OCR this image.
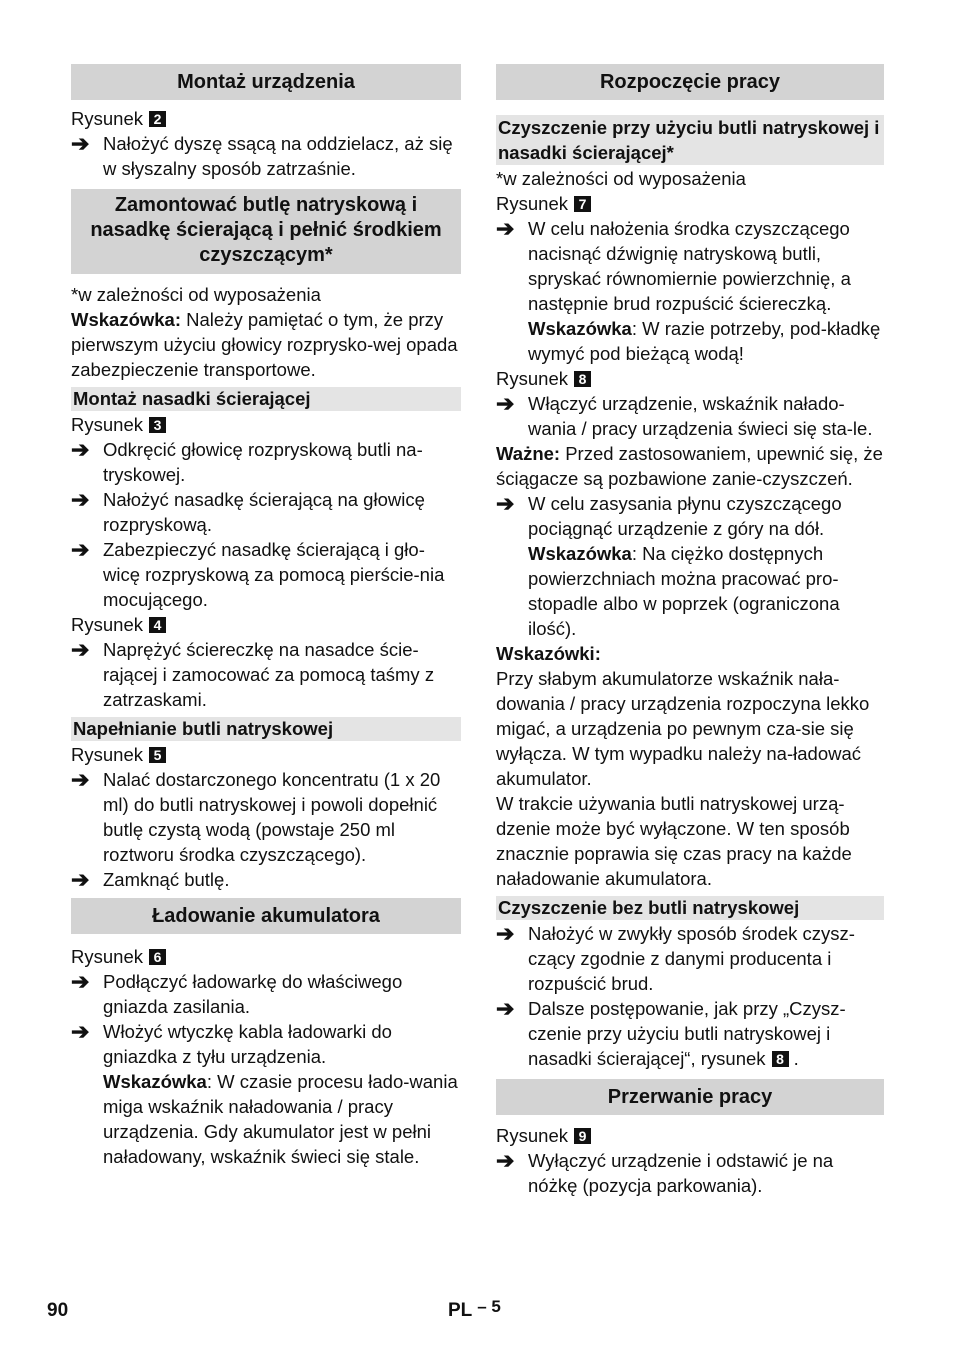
Montaż urządzenia

Rysunek 2

➔ Nałożyć dyszę ssącą na oddzielacz, aż się w słyszalny sposób zatrzaśnie.

Zamontować butlę natryskową i nasadkę ścierającą i pełnić środkiem czyszczącym*

*w zależności od wyposażenia

Wskazówka: Należy pamiętać o tym, że przy pierwszym użyciu głowicy rozprysko-wej opada zabezpieczenie transportowe.

Montaż nasadki ścierającej

Rysunek 3

➔ Odkręcić głowicę rozpryskową butli na-tryskowej.

➔ Nałożyć nasadkę ścierającą na głowicę rozpryskową.

➔ Zabezpieczyć nasadkę ścierającą i gło-wicę rozpryskową za pomocą pierście-nia mocującego.

Rysunek 4

➔ Naprężyć ściereczkę na nasadce ście-rającej i zamocować za pomocą taśmy z zatrzaskami.

Napełnianie butli natryskowej

Rysunek 5

➔ Nalać dostarczonego koncentratu (1 x 20 ml) do butli natryskowej i powoli dopełnić butlę czystą wodą (powstaje 250 ml roztworu środka czyszczącego).

➔ Zamknąć butlę.

Ładowanie akumulatora

Rysunek 6

➔ Podłączyć ładowarkę do właściwego gniazda zasilania.

➔ Włożyć wtyczkę kabla ładowarki do gniazdka z tyłu urządzenia.
Wskazówka: W czasie procesu łado-wania miga wskaźnik naładowania / pracy urządzenia. Gdy akumulator jest w pełni naładowany, wskaźnik świeci się stale.

Rozpoczęcie pracy
Czyszczenie przy użyciu butli natryskowej i nasadki ścierającej*

*w zależności od wyposażenia

Rysunek 7

➔ W celu nałożenia środka czyszczącego nacisnąć dźwignię natryskową butli, spryskać równomiernie powierzchnię, a następnie brud rozpuścić ściereczką.
Wskazówka: W razie potrzeby, pod-kładkę wymyć pod bieżącą wodą!

Rysunek 8

➔ Włączyć urządzenie, wskaźnik nałado-wania / pracy urządzenia świeci się sta-le.

Ważne: Przed zastosowaniem, upewnić się, że ściągacze są pozbawione zanie-czyszczeń.

➔ W celu zasysania płynu czyszczącego pociągnąć urządzenie z góry na dół.
Wskazówka: Na ciężko dostępnych powierzchniach można pracować pro-stopadle albo w poprzek (ograniczona ilość).

Wskazówki:

Przy słabym akumulatorze wskaźnik nała-dowania / pracy urządzenia rozpoczyna lekko migać, a urządzenia po pewnym cza-sie się wyłącza. W tym wypadku należy na-ładować akumulator.

W trakcie używania butli natryskowej urzą-dzenie może być wyłączone. W ten sposób znacznie poprawia się czas pracy na każde naładowanie akumulatora.

Czyszczenie bez butli natryskowej

➔ Nałożyć w zwykły sposób środek czysz-czący zgodnie z danymi producenta i rozpuścić brud.

➔ Dalsze postępowanie, jak przy „Czysz-czenie przy użyciu butli natryskowej i nasadki ścierającej“, rysunek 8 .

Przerwanie pracy

Rysunek 9

➔ Wyłączyć urządzenie i odstawić je na nóżkę (pozycja parkowania).

90	PL – 5
